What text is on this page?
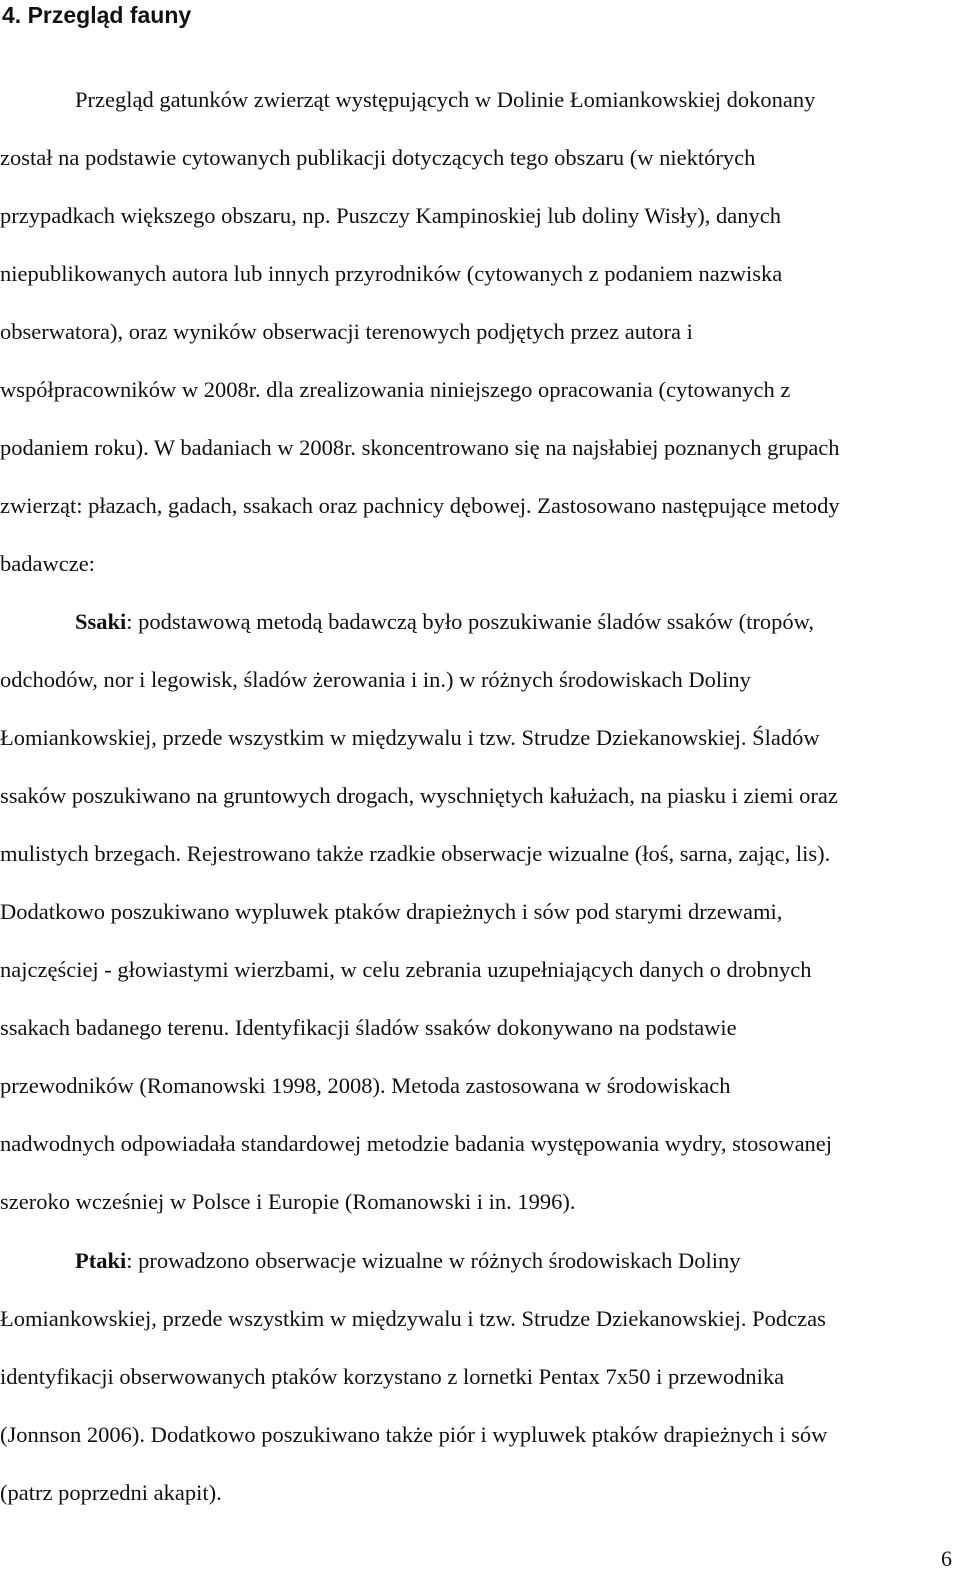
4. Przegląd fauny

Przegląd gatunków zwierząt występujących w Dolinie Łomiankowskiej dokonany

został na podstawie cytowanych publikacji dotyczących tego obszaru (w niektórych

przypadkach większego obszaru, np. Puszczy Kampinoskiej lub doliny Wisły), danych

niepublikowanych autora lub innych przyrodników (cytowanych z podaniem nazwiska

obserwatora), oraz wyników obserwacji terenowych podjętych przez autora i

współpracowników w 2008r. dla zrealizowania niniejszego opracowania (cytowanych z

podaniem roku). W badaniach w 2008r. skoncentrowano się na najsłabiej poznanych grupach

zwierząt: płazach, gadach, ssakach oraz pachnicy dębowej. Zastosowano następujące metody

badawcze:

Ssaki: podstawową metodą badawczą było poszukiwanie śladów ssaków (tropów,

odchodów, nor i legowisk, śladów żerowania i in.) w różnych środowiskach Doliny

Łomiankowskiej, przede wszystkim w międzywalu i tzw. Strudze Dziekanowskiej. Śladów

ssaków poszukiwano na gruntowych drogach, wyschniętych kałużach, na piasku i ziemi oraz

mulistych brzegach. Rejestrowano także rzadkie obserwacje wizualne (łoś, sarna, zając, lis).

Dodatkowo poszukiwano wypluwek ptaków drapieżnych i sów pod starymi drzewami,

najczęściej - głowiastymi wierzbami, w celu zebrania uzupełniających danych o drobnych

ssakach badanego terenu. Identyfikacji śladów ssaków dokonywano na podstawie

przewodników (Romanowski 1998, 2008). Metoda zastosowana w środowiskach

nadwodnych odpowiadała standardowej metodzie badania występowania wydry, stosowanej

szeroko wcześniej w Polsce i Europie (Romanowski i in. 1996).

Ptaki: prowadzono obserwacje wizualne w różnych środowiskach Doliny

Łomiankowskiej, przede wszystkim w międzywalu i tzw. Strudze Dziekanowskiej. Podczas

identyfikacji obserwowanych ptaków korzystano z lornetki Pentax 7x50 i przewodnika

(Jonnson 2006). Dodatkowo poszukiwano także piór i wypluwek ptaków drapieżnych i sów

(patrz poprzedni akapit).

6
